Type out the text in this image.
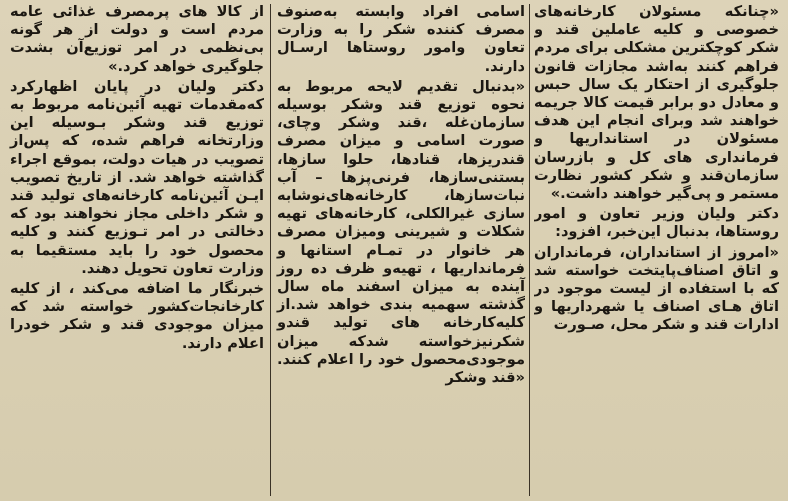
«چنانکه مسئولان کارخانه‌های خصوصی و کلیه عاملین قند و شکر کوچکترین مشکلی برای مردم فراهم کنند به‌اشد مجازات قانون جلوگیری از احتکار یک سال حبس و معادل دو برابر قیمت کالا جریمه خواهند شد وبرای انجام این هدف مسئولان در استانداریها و فرمانداری های کل و بازرسان سازمان‌قند و شکر کشور نظارت مستمر و پی‌گیر خواهند داشت.»

دکتر ولیان وزیر تعاون و امور روستاها، بدنبال این‌خبر، افزود:

«امروز از استانداران، فرمانداران و اتاق اصناف‌پایتخت خواسته شد که با استفاده از لیست موجود در اتاق هـای اصناف یا شهرداریها و ادارات قند و شکر محل، صـورت

اسامی افراد وابسته به‌صنوف مصرف کننده شکر را به وزارت تعاون وامور روستاها ارسـال دارند.

«بدنبال تقدیم لایحه مربوط به نحوه توزیع قند وشکر بوسیله سازمان‌غله ،قند وشکر وچای، صورت اسامی و میزان مصرف قندریزها، قنادها، حلوا سازها، بستنی‌سازها، فرنی‌پزها – آب نبات‌سازها، کارخانه‌های‌نوشابه سازی غیرالکلی، کارخانه‌های تهیه شکلات و شیرینی ومیزان مصرف هر خانوار در تمـام استانها و فرمانداریها ، تهیه‌و ظرف ده روز آینده به میزان اسفند ماه سال گذشته سهمیه بندی خواهد شد.از کلیه‌کارخانه های تولید قندو شکرنیزخواسته شدکه میزان موجودی‌محصول خود را اعلام کنند. «قند وشکر

از کالا های پرمصرف غذائی عامه مردم است و دولت از هر گونه بی‌نظمی در امر توزیع‌آن بشدت جلوگیری خواهد کرد.»

دکتر ولیان در پایان اظهارکرد که‌مقدمات تهیه آئین‌نامه مربوط به توزیع قند وشکر بـوسیله این وزارتخانه فراهم شده، که پس‌از تصویب در هیات دولت، بموقع اجراء گذاشته خواهد شد. از تاریخ تصویب ایـن آئین‌نامه کارخانه‌های تولید قند و شکر داخلی مجاز نخواهند بود که دخالتی در امر تـوزیع کنند و کلیه محصول خود را باید مستقیما به وزارت تعاون تحویل دهند.

خبرنگار ما اضافه می‌کند ، از کلیه کارخانجات‌کشور خواسته شد که میزان موجودی قند و شکر خودرا اعلام دارند.
